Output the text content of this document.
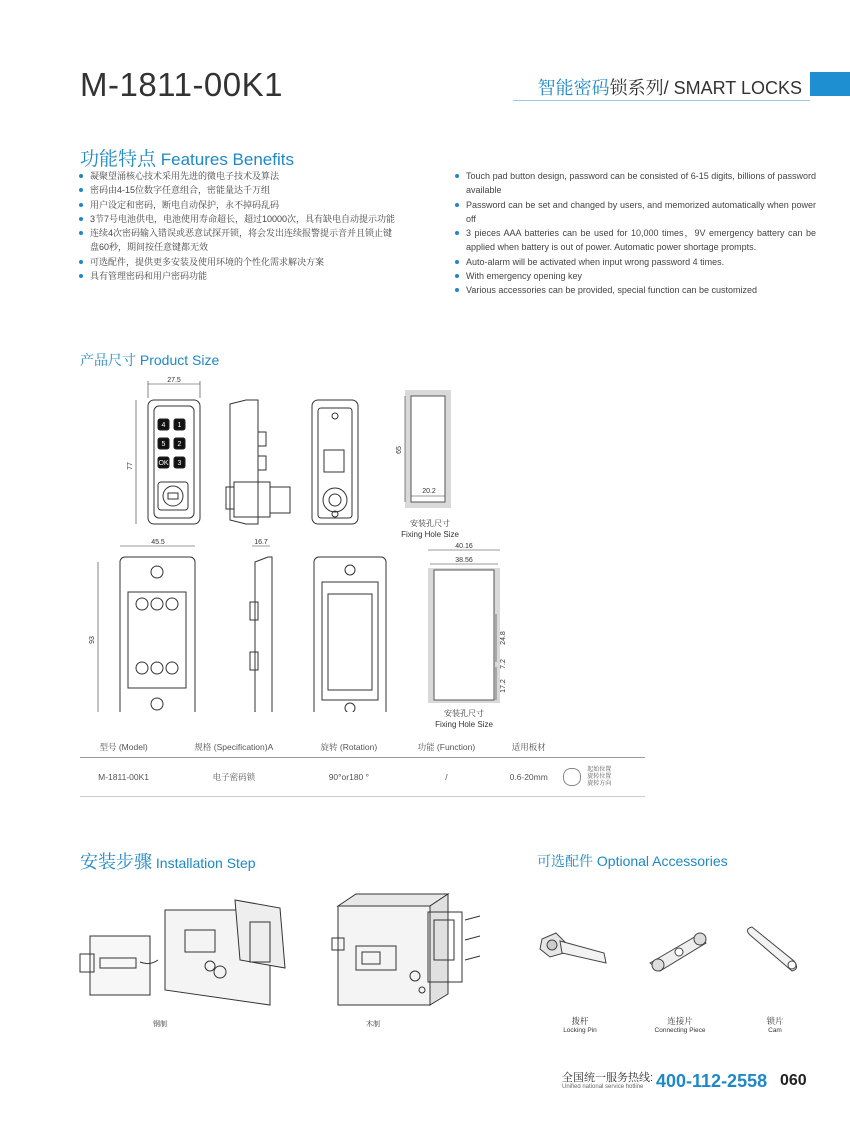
M-1811-00K1	智能密码锁系列/ SMART LOCKS
功能特点 Features Benefits
凝聚望涌核心技术采用先进的微电子技术及算法
密码由4-15位数字任意组合，密能量达千万组
用户设定和密码，断电自动保护，永不掉码乱码
3节7号电池供电，电池使用寿命超长，超过10000次，具有缺电自动提示功能
连续4次密码输入错误或恶意试探开锁，将会发出连续报警提示音并且锁止键盘60秒，期间按任意键都无效
可选配件，提供更多安装及使用环境的个性化需求解决方案
具有管理密码和用户密码功能
Touch pad button design, password can be consisted of 6-15 digits, billions of password available
Password can be set and changed by users, and memorized automatically when power off
3 pieces AAA batteries can be used for 10,000 times，9V emergency battery can be applied when battery is out of power. Automatic power shortage prompts.
Auto-alarm will be activated when input wrong password 4 times.
With emergency opening key
Various accessories can be provided, special function can be customized
产品尺寸 Product Size
4 1
5 2
OK 3
27.5
77
65
20.2
45.5	16.7
93
40.16
38.56
24.8
7.2
17.2
安装孔尺寸
Fixing Hole Size
安装孔尺寸
Fixing Hole Size
型号 (Model)	规格 (Specification)A	旋转 (Rotation)	功能 (Function)	适用板材	
M-1811-00K1	电子密码锁	90°or180 °	/	0.6-20mm	起始位置
旋转位置
旋转方向
安装步骤 Installation Step	可选配件 Optional Accessories
钢制	木制	拨杆
Locking Pin
连接片
Connecting Piece
锁片
Cam
全国统一服务热线:
Unified national service hotline 400-112-2558 060
